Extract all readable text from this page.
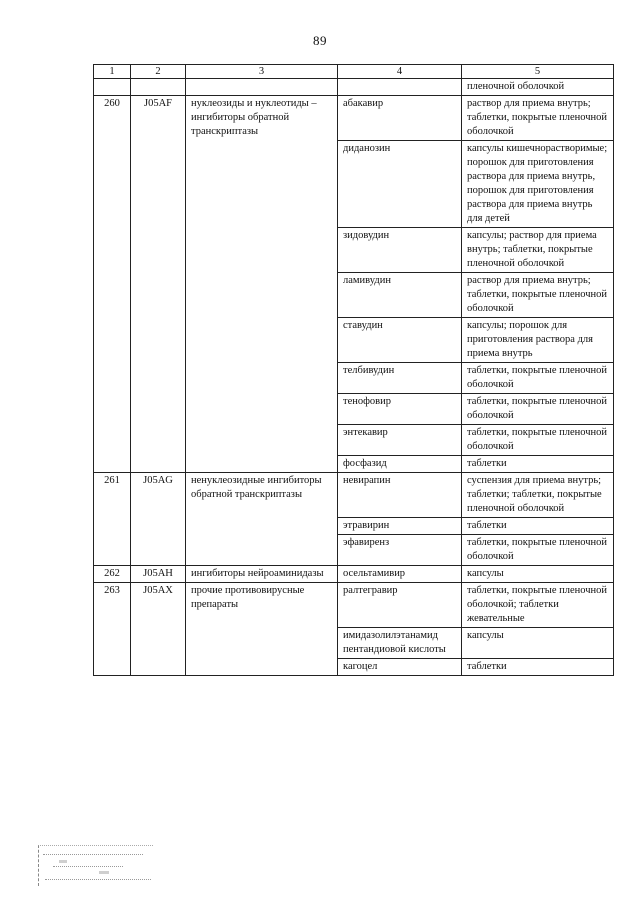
89
1	2	3	4	5
				пленочной оболочкой
260	J05AF	нуклеозиды и нуклеотиды – ингибиторы обратной транскриптазы	абакавир	раствор для приема внутрь; таблетки, покрытые пленочной оболочкой
			диданозин	капсулы кишечнорастворимые; порошок для приготовления раствора для приема внутрь, порошок для приготовления раствора для приема внутрь для детей
			зидовудин	капсулы; раствор для приема внутрь; таблетки, покрытые пленочной оболочкой
			ламивудин	раствор для приема внутрь; таблетки, покрытые пленочной оболочкой
			ставудин	капсулы; порошок для приготовления раствора для приема внутрь
			телбивудин	таблетки, покрытые пленочной оболочкой
			тенофовир	таблетки, покрытые пленочной оболочкой
			энтекавир	таблетки, покрытые пленочной оболочкой
			фосфазид	таблетки
261	J05AG	ненуклеозидные ингибиторы обратной транскриптазы	невирапин	суспензия для приема внутрь; таблетки; таблетки, покрытые пленочной оболочкой
			этравирин	таблетки
			эфавиренз	таблетки, покрытые пленочной оболочкой
262	J05AH	ингибиторы нейроаминидазы	осельтамивир	капсулы
263	J05AX	прочие противовирусные препараты	ралтегравир	таблетки, покрытые пленочной оболочкой; таблетки жевательные
			имидазолилэтанамид пентандиовой кислоты	капсулы
			кагоцел	таблетки
